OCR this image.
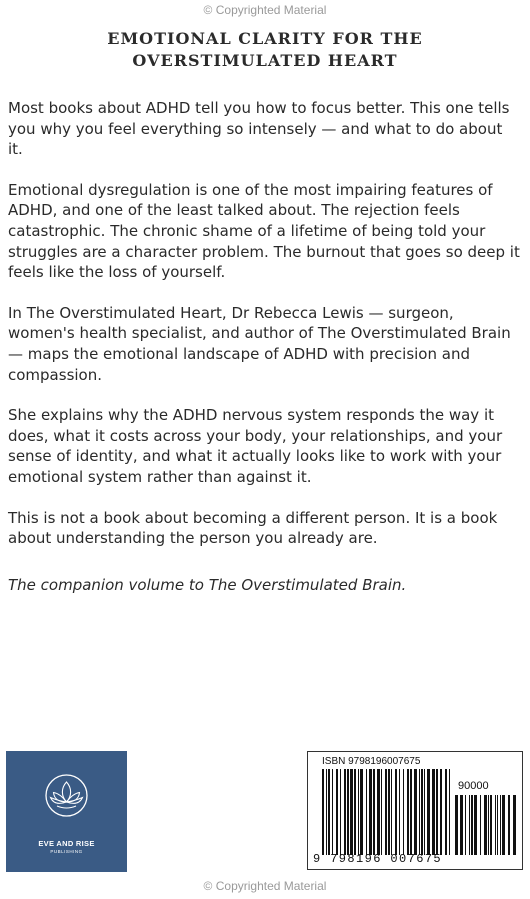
© Copyrighted Material
EMOTIONAL CLARITY FOR THE
OVERSTIMULATED HEART

Most books about ADHD tell you how to focus better. This one tells you why you feel everything so intensely — and what to do about it.

Emotional dysregulation is one of the most impairing features of ADHD, and one of the least talked about. The rejection feels catastrophic. The chronic shame of a lifetime of being told your struggles are a character problem. The burnout that goes so deep it feels like the loss of yourself.

In The Overstimulated Heart, Dr Rebecca Lewis — surgeon, women's health specialist, and author of The Overstimulated Brain — maps the emotional landscape of ADHD with precision and compassion.

She explains why the ADHD nervous system responds the way it does, what it costs across your body, your relationships, and your sense of identity, and what it actually looks like to work with your emotional system rather than against it.

This is not a book about becoming a different person. It is a book about understanding the person you already are.

The companion volume to The Overstimulated Brain.

EVE AND RISE
PUBLISHING
ISBN 9798196007675
90000
9 798196 007675
© Copyrighted Material
